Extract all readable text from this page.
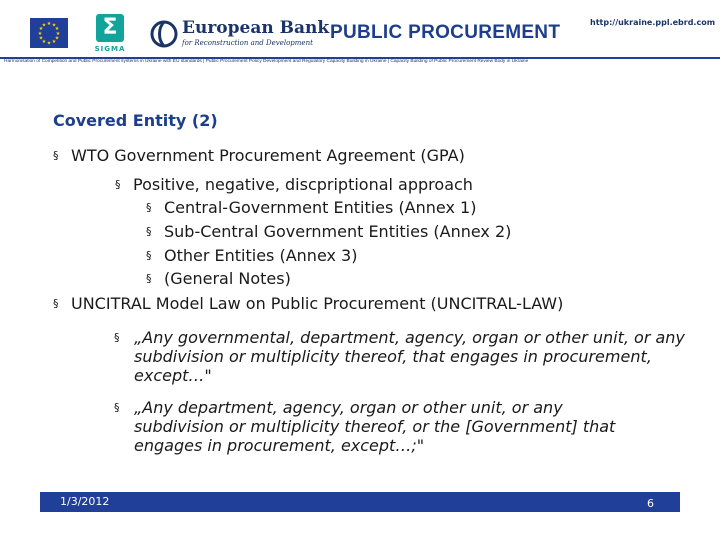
★ ★
★
★
★
★
★
★
★
★
★
★	Σ
SIGMA
European Bank
for Reconstruction and Development PUBLIC PROCUREMENT	http://ukraine.ppl.ebrd.com
Harmonisation of Competition and Public Procurement systems in Ukraine with EU standards | Public Procurement Policy Development and Regulatory Capacity Building in Ukraine | Capacity Building of Public Procurement Review Body in Ukraine
Covered Entity (2)
§ WTO Government Procurement Agreement (GPA)
§ Positive, negative, discpriptional approach
§ Central-Government Entities (Annex 1)
§ Sub-Central Government Entities (Annex 2)
§ Other Entities (Annex 3)
§ (General Notes)
§ UNCITRAL Model Law on Public Procurement (UNCITRAL-LAW)
§ „Any governmental, department, agency, organ or other unit, or any subdivision or multiplicity thereof, that engages in procurement, except…"
§ „Any department, agency, organ or other unit, or any subdivision or multiplicity thereof, or the [Government] that engages in procurement, except…;"
1/3/2012	6
